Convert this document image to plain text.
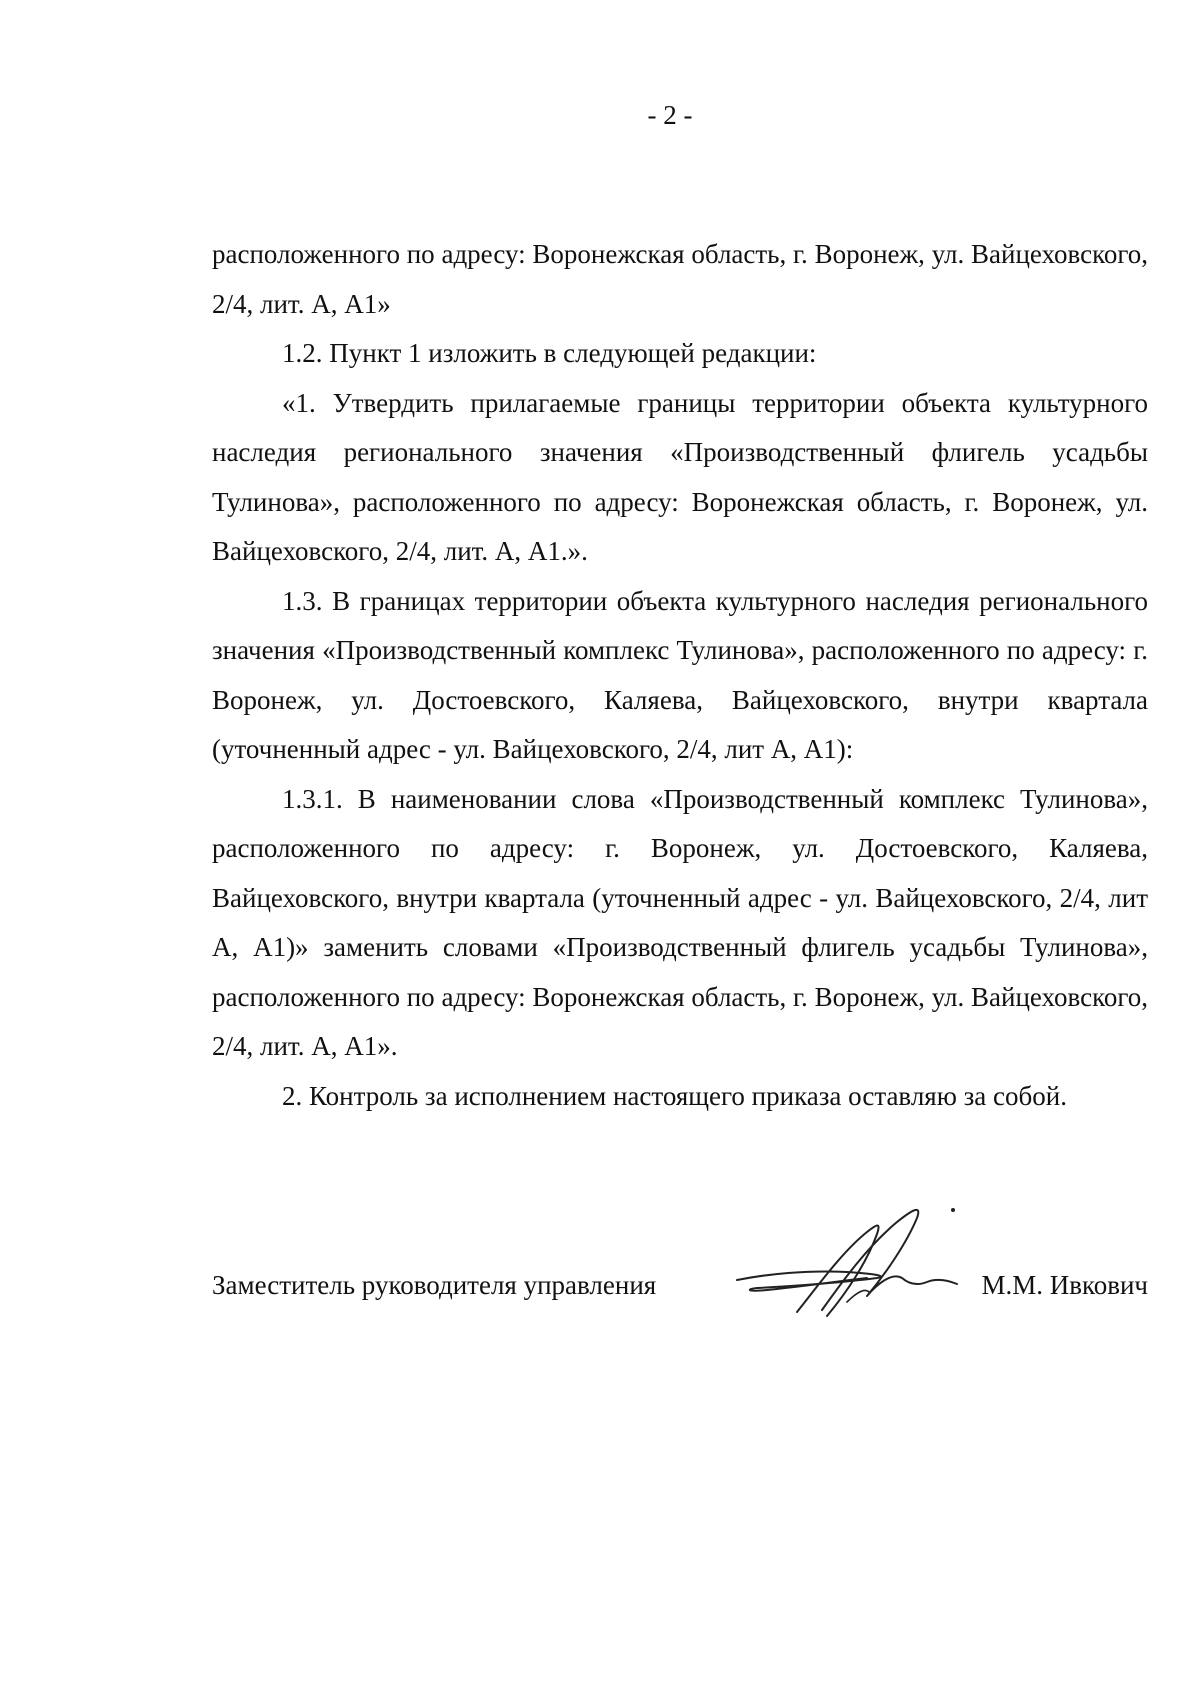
- 2 -

расположенного по адресу: Воронежская область, г. Воронеж, ул. Вайцеховского, 2/4, лит. А, А1»

1.2. Пункт 1 изложить в следующей редакции:

«1. Утвердить прилагаемые границы территории объекта культурного наследия регионального значения «Производственный флигель усадьбы Тулинова», расположенного по адресу: Воронежская область, г. Воронеж, ул. Вайцеховского, 2/4, лит. А, А1.».

1.3. В границах территории объекта культурного наследия регионального значения «Производственный комплекс Тулинова», расположенного по адресу: г. Воронеж, ул. Достоевского, Каляева, Вайцеховского, внутри квартала (уточненный адрес - ул. Вайцеховского, 2/4, лит А, А1):

1.3.1. В наименовании слова «Производственный комплекс Тулинова», расположенного по адресу: г. Воронеж, ул. Достоевского, Каляева, Вайцеховского, внутри квартала (уточненный адрес - ул. Вайцеховского, 2/4, лит А, А1)» заменить словами «Производственный флигель усадьбы Тулинова», расположенного по адресу: Воронежская область, г. Воронеж, ул. Вайцеховского, 2/4, лит. А, А1».

2. Контроль за исполнением настоящего приказа оставляю за собой.

Заместитель руководителя управления	М.М. Ивкович
